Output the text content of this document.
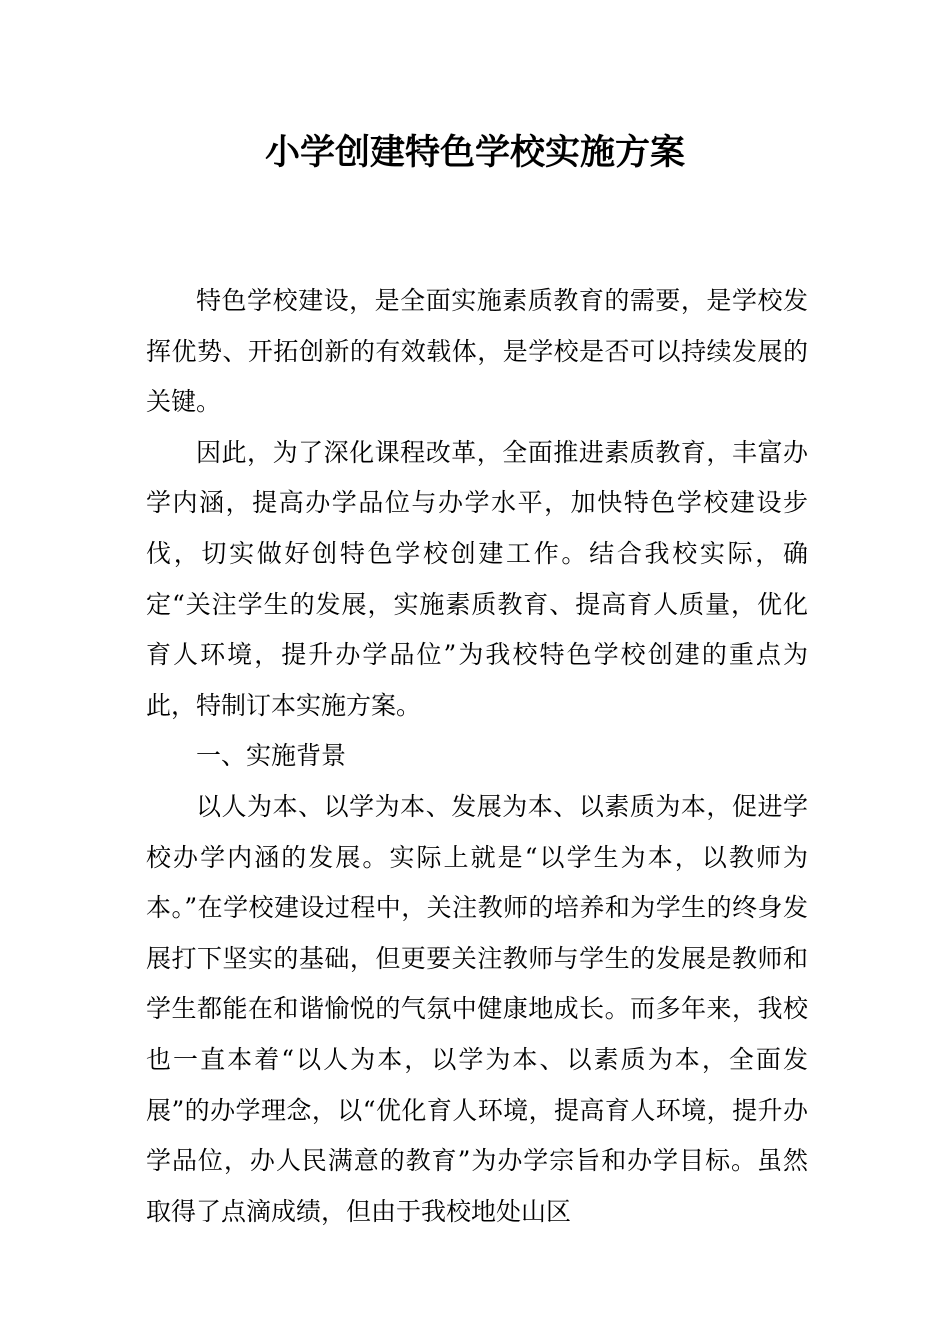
小学创建特色学校实施方案

特色学校建设，是全面实施素质教育的需要，是学校发挥优势、开拓创新的有效载体，是学校是否可以持续发展的关键。

因此，为了深化课程改革，全面推进素质教育，丰富办学内涵，提高办学品位与办学水平，加快特色学校建设步伐，切实做好创特色学校创建工作。结合我校实际，确定“关注学生的发展，实施素质教育、提高育人质量，优化育人环境，提升办学品位”为我校特色学校创建的重点为此，特制订本实施方案。

一、实施背景

以人为本、以学为本、发展为本、以素质为本，促进学校办学内涵的发展。实际上就是“以学生为本，以教师为本。”在学校建设过程中，关注教师的培养和为学生的终身发展打下坚实的基础，但更要关注教师与学生的发展是教师和学生都能在和谐愉悦的气氛中健康地成长。而多年来，我校也一直本着“以人为本，以学为本、以素质为本，全面发展”的办学理念，以“优化育人环境，提高育人环境，提升办学品位，办人民满意的教育”为办学宗旨和办学目标。虽然取得了点滴成绩，但由于我校地处山区
